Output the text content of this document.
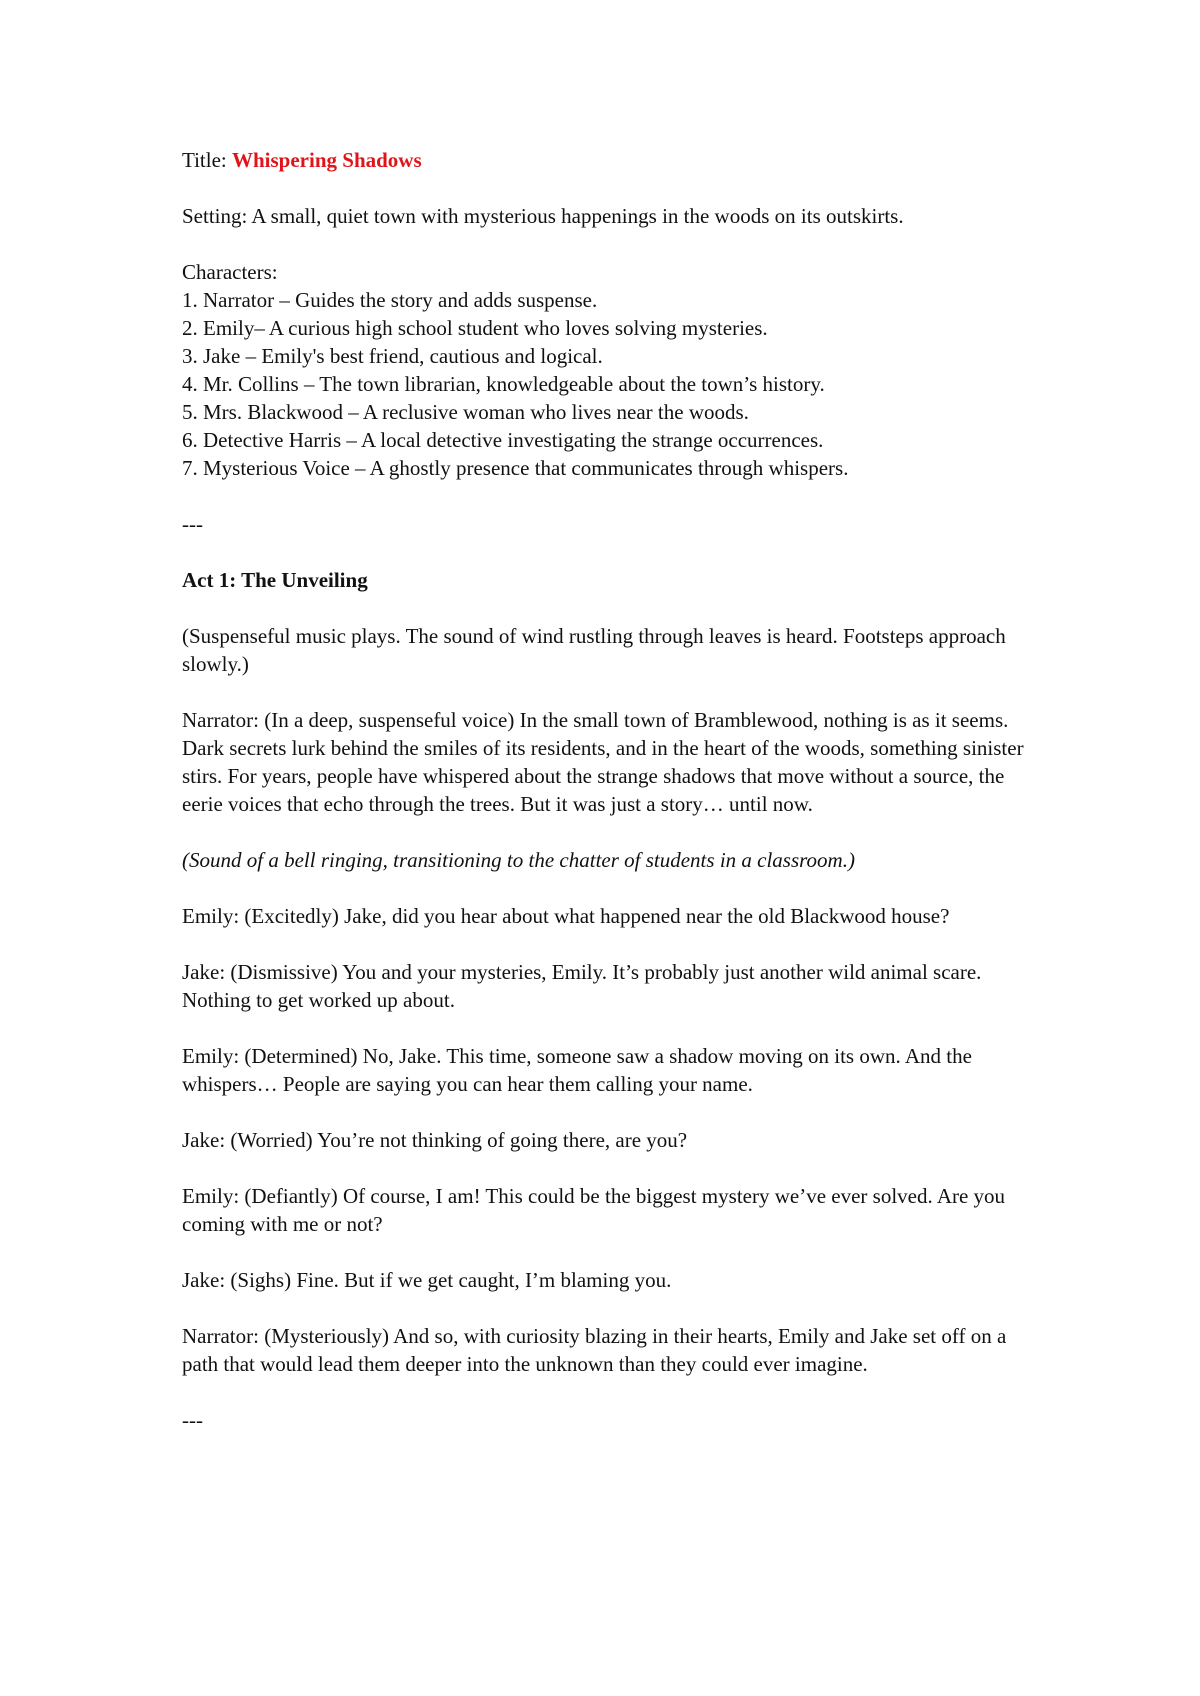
Title: Whispering Shadows

Setting: A small, quiet town with mysterious happenings in the woods on its outskirts.

Characters:
1. Narrator – Guides the story and adds suspense.
2. Emily– A curious high school student who loves solving mysteries.
3. Jake – Emily's best friend, cautious and logical.
4. Mr. Collins – The town librarian, knowledgeable about the town’s history.
5. Mrs. Blackwood – A reclusive woman who lives near the woods.
6. Detective Harris – A local detective investigating the strange occurrences.
7. Mysterious Voice – A ghostly presence that communicates through whispers.

---

Act 1: The Unveiling

(Suspenseful music plays. The sound of wind rustling through leaves is heard. Footsteps approach slowly.)

Narrator: (In a deep, suspenseful voice) In the small town of Bramblewood, nothing is as it seems. Dark secrets lurk behind the smiles of its residents, and in the heart of the woods, something sinister stirs. For years, people have whispered about the strange shadows that move without a source, the eerie voices that echo through the trees. But it was just a story… until now.

(Sound of a bell ringing, transitioning to the chatter of students in a classroom.)

Emily: (Excitedly) Jake, did you hear about what happened near the old Blackwood house?

Jake: (Dismissive) You and your mysteries, Emily. It’s probably just another wild animal scare. Nothing to get worked up about.

Emily: (Determined) No, Jake. This time, someone saw a shadow moving on its own. And the whispers… People are saying you can hear them calling your name.

Jake: (Worried) You’re not thinking of going there, are you?

Emily: (Defiantly) Of course, I am! This could be the biggest mystery we’ve ever solved. Are you coming with me or not?

Jake: (Sighs) Fine. But if we get caught, I’m blaming you.

Narrator: (Mysteriously) And so, with curiosity blazing in their hearts, Emily and Jake set off on a path that would lead them deeper into the unknown than they could ever imagine.

---
